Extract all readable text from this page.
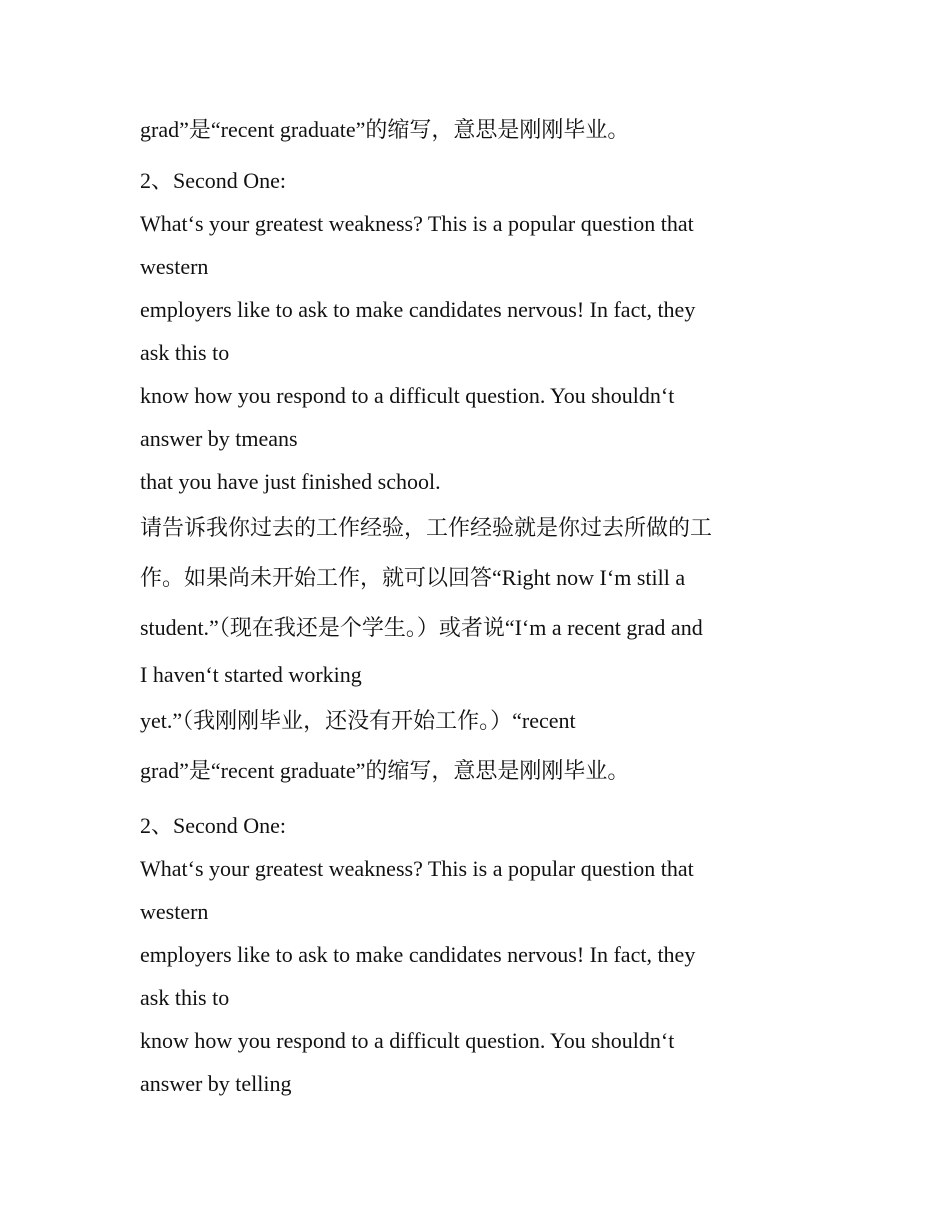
grad”是“recent graduate”的缩写，意思是刚刚毕业。

2、Second One:

What‘s your greatest weakness? This is a popular question that
western
employers like to ask to make candidates nervous! In fact, they
ask this to
know how you respond to a difficult question. You shouldn‘t
answer by tmeans
that you have just finished school.

请告诉我你过去的工作经验，工作经验就是你过去所做的工
作。如果尚未开始工作，就可以回答“Right now I‘m still a
student.”（现在我还是个学生。）或者说“I‘m a recent grad and
I haven‘t started working
yet.”（我刚刚毕业，还没有开始工作。）“recent
grad”是“recent graduate”的缩写，意思是刚刚毕业。

2、Second One:

What‘s your greatest weakness? This is a popular question that
western
employers like to ask to make candidates nervous! In fact, they
ask this to
know how you respond to a difficult question. You shouldn‘t
answer by telling
